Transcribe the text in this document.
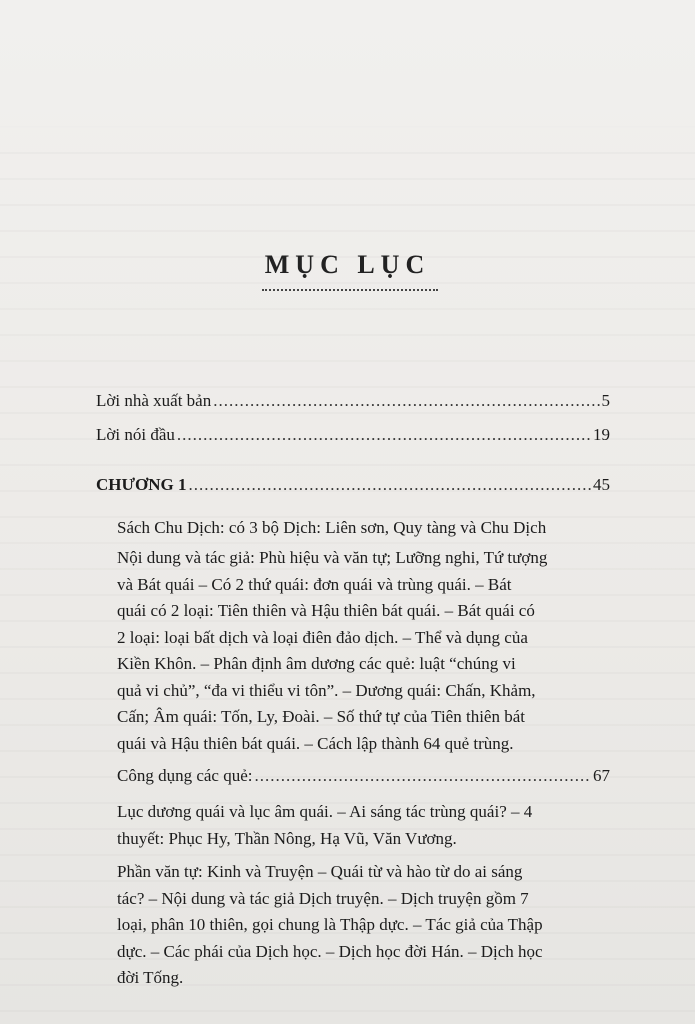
MỤC LỤC
Lời nhà xuất bản .....	5
Lời nói đầu .....	19
CHƯƠNG 1 .....	45
Sách Chu Dịch: có 3 bộ Dịch: Liên sơn, Quy tàng và Chu Dịch
Nội dung và tác giả: Phù hiệu và văn tự; Lưỡng nghi, Tứ tượng
và Bát quái – Có 2 thứ quái: đơn quái và trùng quái. – Bát
quái có 2 loại: Tiên thiên và Hậu thiên bát quái. – Bát quái có
2 loại: loại bất dịch và loại điên đảo dịch. – Thể và dụng của
Kiền Khôn. – Phân định âm dương các quẻ: luật “chúng vi
quả vi chủ”, “đa vi thiểu vi tôn”. – Dương quái: Chấn, Khảm,
Cấn; Âm quái: Tốn, Ly, Đoài. – Số thứ tự của Tiên thiên bát
quái và Hậu thiên bát quái. – Cách lập thành 64 quẻ trùng.
Công dụng các quẻ: .....	67
Lục dương quái và lục âm quái. – Ai sáng tác trùng quái? – 4
thuyết: Phục Hy, Thần Nông, Hạ Vũ, Văn Vương.
Phần văn tự: Kinh và Truyện – Quái từ và hào từ do ai sáng
tác? – Nội dung và tác giả Dịch truyện. – Dịch truyện gồm 7
loại, phân 10 thiên, gọi chung là Thập dực. – Tác giả của Thập
dực. – Các phái của Dịch học. – Dịch học đời Hán. – Dịch học
đời Tống.
